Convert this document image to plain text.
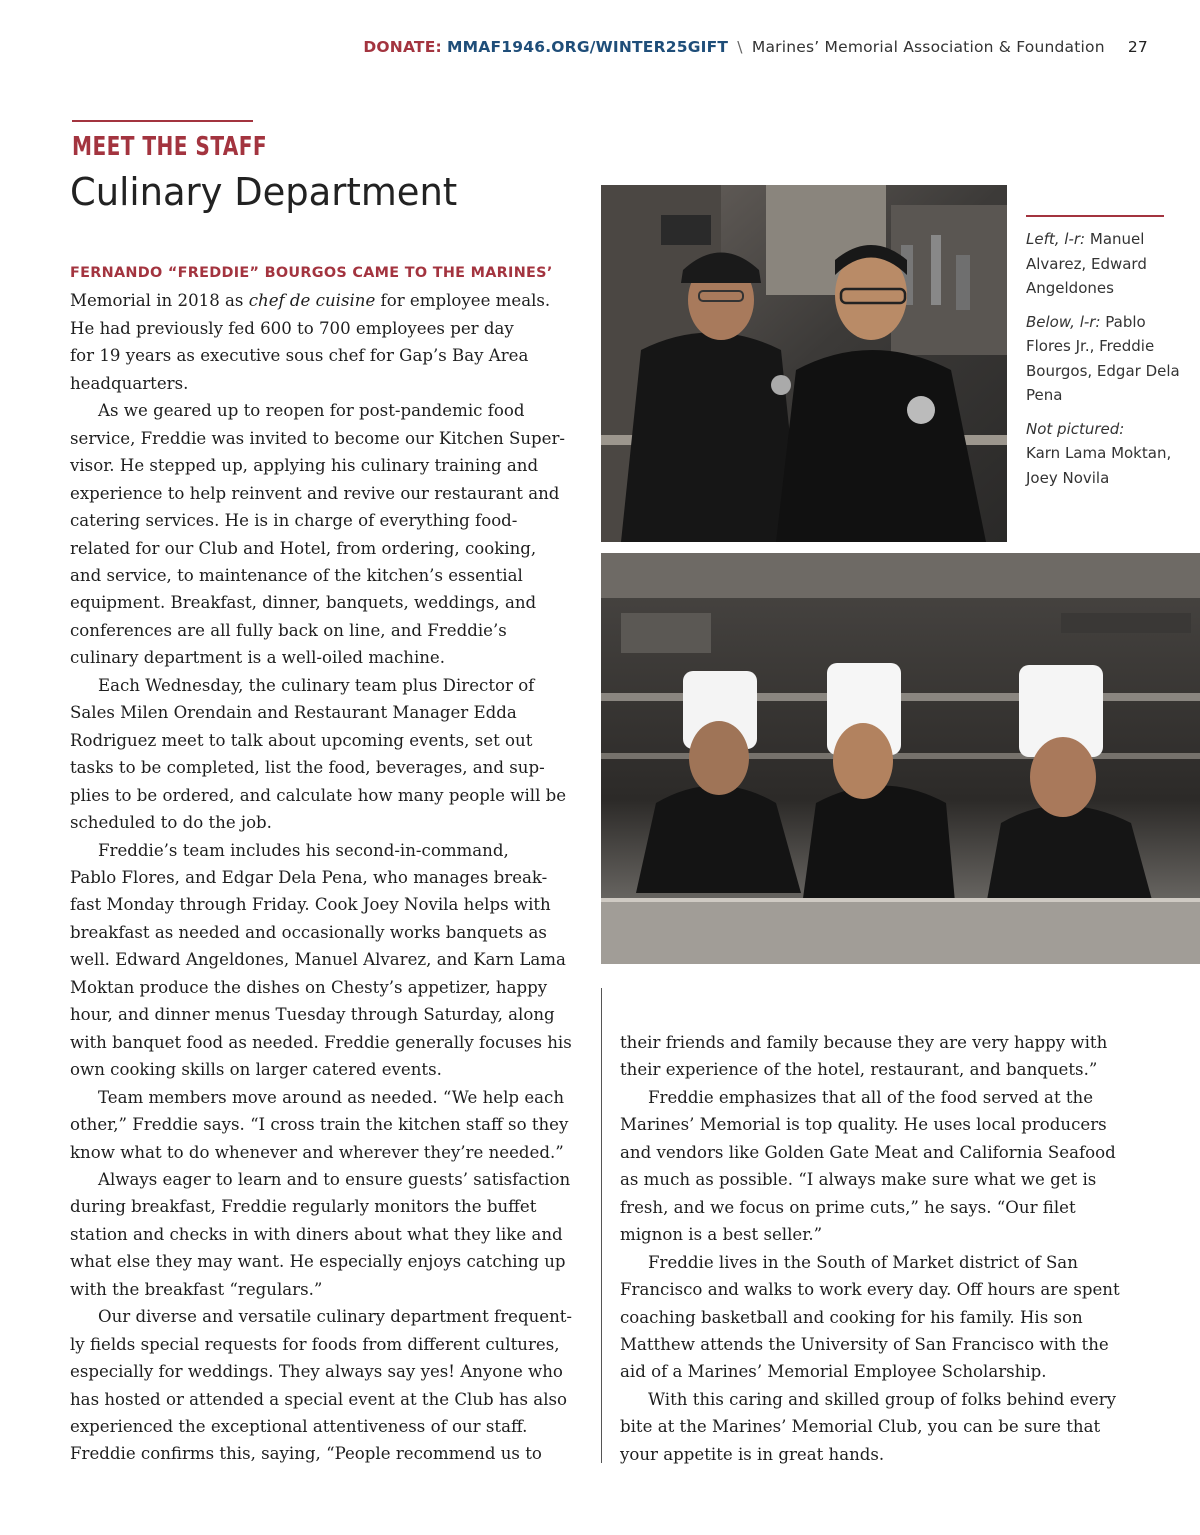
DONATE: MMAF1946.ORG/WINTER25GIFT \ Marines’ Memorial Association & Foundation 27
MEET THE STAFF
Culinary Department

FERNANDO “FREDDIE” BOURGOS CAME TO THE MARINES’

Memorial in 2018 as chef de cuisine for employee meals.

He had previously fed 600 to 700 employees per day

for 19 years as executive sous chef for Gap’s Bay Area

headquarters.

As we geared up to reopen for post-pandemic food

service, Freddie was invited to become our Kitchen Super-

visor. He stepped up, applying his culinary training and

experience to help reinvent and revive our restaurant and

catering services. He is in charge of everything food-

related for our Club and Hotel, from ordering, cooking,

and service, to maintenance of the kitchen’s essential

equipment. Breakfast, dinner, banquets, weddings, and

conferences are all fully back on line, and Freddie’s

culinary department is a well-oiled machine.

Each Wednesday, the culinary team plus Director of

Sales Milen Orendain and Restaurant Manager Edda

Rodriguez meet to talk about upcoming events, set out

tasks to be completed, list the food, beverages, and sup-

plies to be ordered, and calculate how many people will be

scheduled to do the job.

Freddie’s team includes his second-in-command,

Pablo Flores, and Edgar Dela Pena, who manages break-

fast Monday through Friday. Cook Joey Novila helps with

breakfast as needed and occasionally works banquets as

well. Edward Angeldones, Manuel Alvarez, and Karn Lama

Moktan produce the dishes on Chesty’s appetizer, happy

hour, and dinner menus Tuesday through Saturday, along

with banquet food as needed. Freddie generally focuses his

own cooking skills on larger catered events.

Team members move around as needed. “We help each

other,” Freddie says. “I cross train the kitchen staff so they

know what to do whenever and wherever they’re needed.”

Always eager to learn and to ensure guests’ satisfaction

during breakfast, Freddie regularly monitors the buffet

station and checks in with diners about what they like and

what else they may want. He especially enjoys catching up

with the breakfast “regulars.”

Our diverse and versatile culinary department frequent-

ly fields special requests for foods from different cultures,

especially for weddings. They always say yes! Anyone who

has hosted or attended a special event at the Club has also

experienced the exceptional attentiveness of our staff.

Freddie confirms this, saying, “People recommend us to

Left, l-r: Manuel Alvarez, Edward Angeldones

Below, l-r: Pablo Flores Jr., Freddie Bourgos, Edgar Dela Pena

Not pictured:
Karn Lama Moktan, Joey Novila

their friends and family because they are very happy with

their experience of the hotel, restaurant, and banquets.”

Freddie emphasizes that all of the food served at the

Marines’ Memorial is top quality. He uses local producers

and vendors like Golden Gate Meat and California Seafood

as much as possible. “I always make sure what we get is

fresh, and we focus on prime cuts,” he says. “Our filet

mignon is a best seller.”

Freddie lives in the South of Market district of San

Francisco and walks to work every day. Off hours are spent

coaching basketball and cooking for his family. His son

Matthew attends the University of San Francisco with the

aid of a Marines’ Memorial Employee Scholarship.

With this caring and skilled group of folks behind every

bite at the Marines’ Memorial Club, you can be sure that

your appetite is in great hands.
